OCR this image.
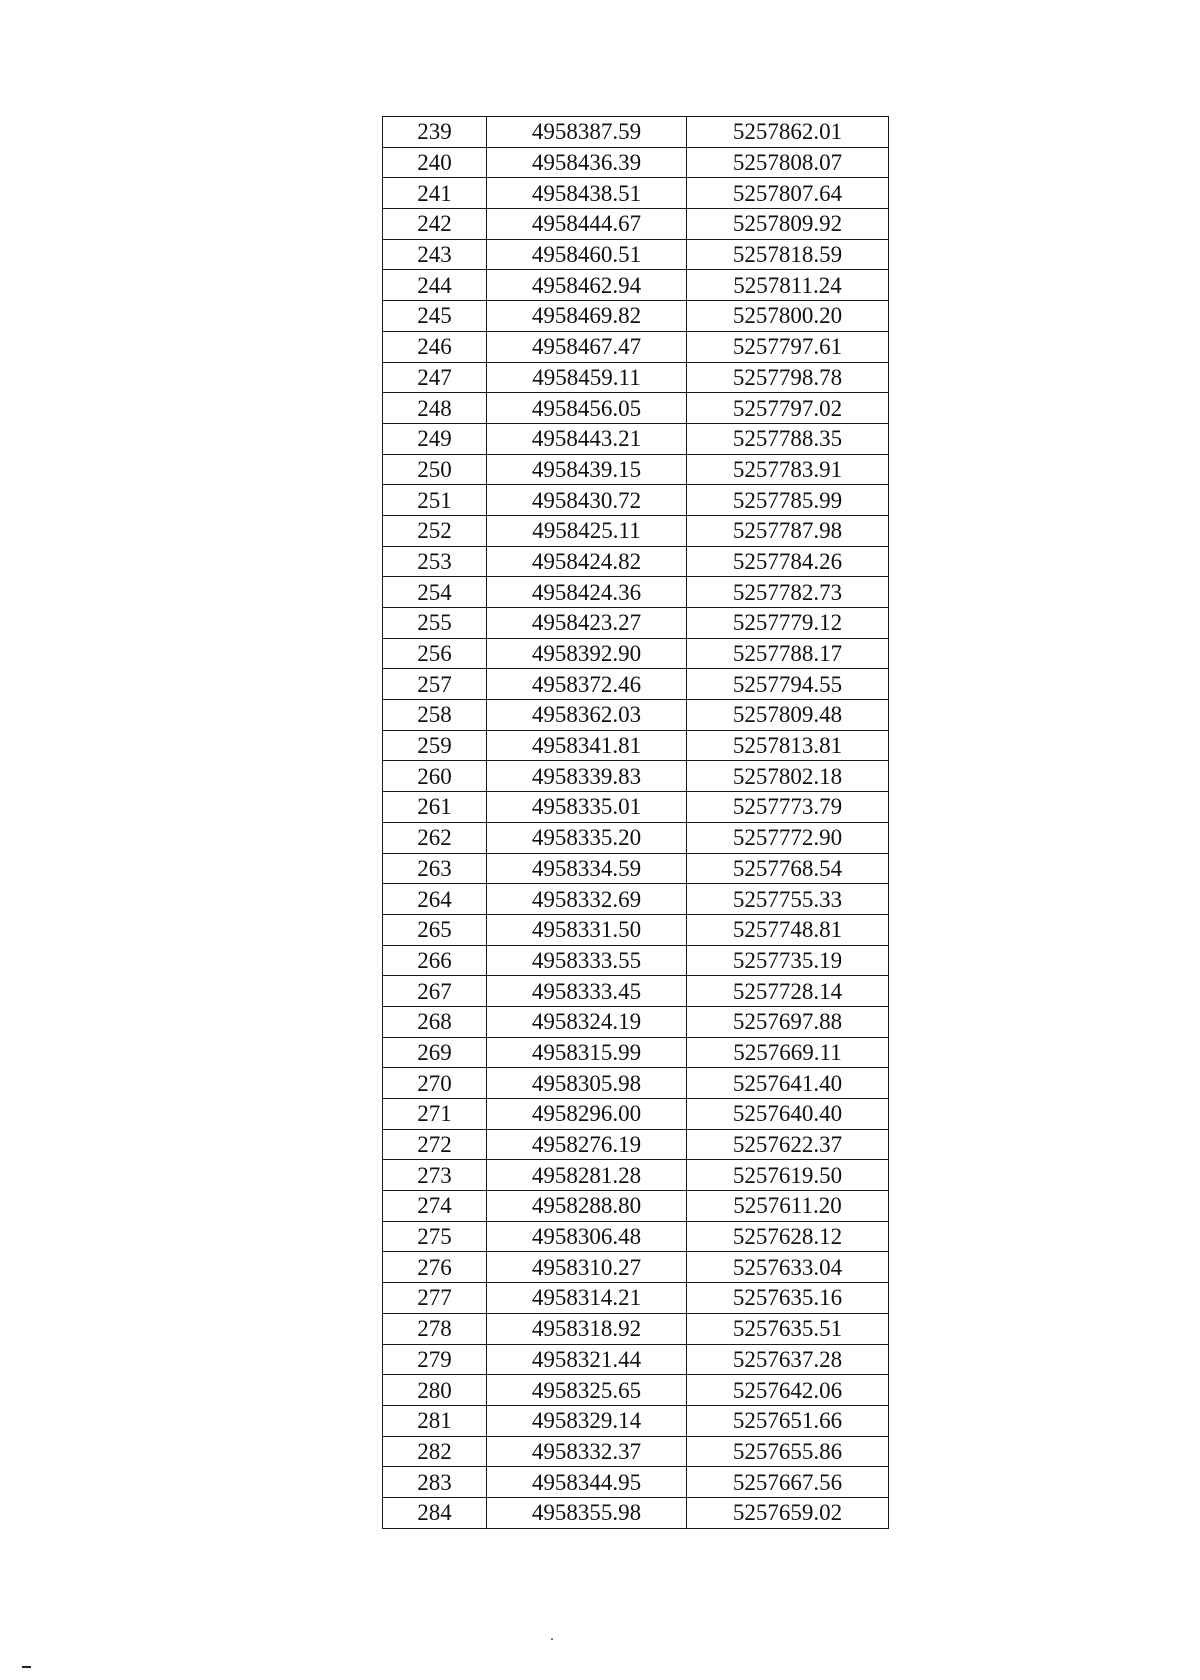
239	4958387.59	5257862.01
240	4958436.39	5257808.07
241	4958438.51	5257807.64
242	4958444.67	5257809.92
243	4958460.51	5257818.59
244	4958462.94	5257811.24
245	4958469.82	5257800.20
246	4958467.47	5257797.61
247	4958459.11	5257798.78
248	4958456.05	5257797.02
249	4958443.21	5257788.35
250	4958439.15	5257783.91
251	4958430.72	5257785.99
252	4958425.11	5257787.98
253	4958424.82	5257784.26
254	4958424.36	5257782.73
255	4958423.27	5257779.12
256	4958392.90	5257788.17
257	4958372.46	5257794.55
258	4958362.03	5257809.48
259	4958341.81	5257813.81
260	4958339.83	5257802.18
261	4958335.01	5257773.79
262	4958335.20	5257772.90
263	4958334.59	5257768.54
264	4958332.69	5257755.33
265	4958331.50	5257748.81
266	4958333.55	5257735.19
267	4958333.45	5257728.14
268	4958324.19	5257697.88
269	4958315.99	5257669.11
270	4958305.98	5257641.40
271	4958296.00	5257640.40
272	4958276.19	5257622.37
273	4958281.28	5257619.50
274	4958288.80	5257611.20
275	4958306.48	5257628.12
276	4958310.27	5257633.04
277	4958314.21	5257635.16
278	4958318.92	5257635.51
279	4958321.44	5257637.28
280	4958325.65	5257642.06
281	4958329.14	5257651.66
282	4958332.37	5257655.86
283	4958344.95	5257667.56
284	4958355.98	5257659.02
